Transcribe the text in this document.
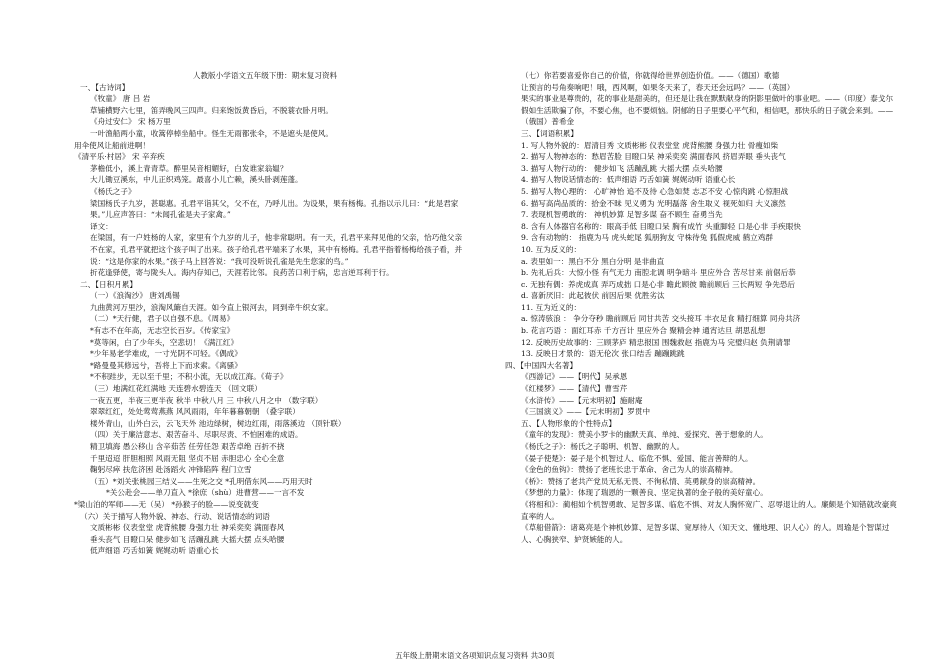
人教版小学语文五年级下册：期末复习资料
一、【古诗词】
《牧童》 唐 吕 岩
草铺横野六七里，笛弄晚风三四声。归来饱饭黄昏后，不脱蓑衣卧月明。
《舟过安仁》 宋 杨万里
一叶渔船两小童，收篙停棹坐船中。怪生无雨都张伞，不是遮头是使风。
用伞使风让船前进啊！
《清平乐·村居》 宋 辛弃疾
茅檐低小，溪上青青草。醉里吴音相媚好，白发谁家翁媪？
大儿锄豆溪东，中儿正织鸡笼。最喜小儿亡赖，溪头卧剥莲蓬。
《杨氏之子》
梁国杨氏子九岁，甚聪惠。孔君平诣其父，父不在，乃呼儿出。为设果，果有杨梅。孔指以示儿曰：“此是君家果。”儿应声答曰：“未闻孔雀是夫子家禽。”
译文：
在梁国，有一户姓杨的人家，家里有个九岁的儿子，他非常聪明。有一天，孔君平来拜见他的父亲，恰巧他父亲不在家，孔君平就把这个孩子叫了出来。孩子给孔君平端来了水果，其中有杨梅。孔君平指着杨梅给孩子看，并说：“这是你家的水果。”孩子马上回答说：“我可没听说孔雀是先生您家的鸟。”
折花逢驿使，寄与陇头人。海内存知己，天涯若比邻。良药苦口利于病，忠言逆耳利于行。
二、【日积月累】
（一）《浪淘沙》 唐刘禹锡
九曲黄河万里沙，浪淘风簸自天涯。如今直上银河去，同到牵牛织女家。
（二）*天行健，君子以自强不息。《周易》
*有志不在年高，无志空长百岁。《传家宝》
*莫等闲，白了少年头，空悲切！《满江红》
*少年易老学难成，一寸光阴不可轻。《偶成》
*路曼曼其修远兮，吾将上下而求索。《离骚》
*不积跬步，无以至千里；不积小流，无以成江海。《荀子》
（三）地满红花红满地 天连碧水碧连天 （回文联）
一夜五更，半夜三更半夜 秋半 中秋八月 三 中秋八月之中 （数字联）
翠翠红红，处处莺莺燕燕 风风雨雨，年年暮暮朝朝 （叠字联）
楼外青山，山外白云，云飞天外 池边绿树，树边红雨，雨落溪边 （顶针联）
（四）关于廉洁意志、艰苦奋斗、尽职尽责、不怕困难的成语。
精卫填海 愚公移山 含辛茹苦 任劳任怨 艰苦卓绝 百折不挠
千里迢迢 肝胆相照 风雨无阻 坚贞不屈 赤胆忠心 全心全意
鞠躬尽瘁 扶危济困 赴汤蹈火 冲锋陷阵 程门立雪
（五）*刘关张桃园三结义——生死之交 *孔明借东风——巧用天时
*关公赴会——单刀直入 *徐庶（shù）进曹营——一言不发
*梁山泊的军师——无（吴） *孙猴子的脸——说变就变
（六）关于描写人物外貌、神态、行动、说话情态的词语
文质彬彬 仪表堂堂 虎背熊腰 身强力壮 神采奕奕 满面春风
垂头丧气 目瞪口呆 健步如飞 活蹦乱跳 大摇大摆 点头哈腰
低声细语 巧舌如簧 娓娓动听 语重心长
（七）你若要喜爱你自己的价值，你就得给世界创造价值。——（德国）歌德
让预言的号角奏响吧！哦，西风啊，如果冬天来了，春天还会远吗？——（英国）
果实的事业是尊贵的，花的事业是甜美的，但还是让我在默默献身的阴影里做叶的事业吧。——（印度）泰戈尔
假如生活欺骗了你，不要心焦，也不要烦恼。阴郁的日子里要心平气和，相信吧，那快乐的日子就会来到。——（俄国）普希金
三、【词语积累】
1. 写人物外貌的：眉清目秀 文质彬彬 仪表堂堂 虎背熊腰 身强力壮 骨瘦如柴
2. 描写人物神态的：愁眉苦脸 目瞪口呆 神采奕奕 满面春风 挤眉弄眼 垂头丧气
3. 描写人物行动的： 健步如飞 活蹦乱跳 大摇大摆 点头哈腰
4. 描写人物说话情态的：低声细语 巧舌如簧 娓娓动听 语重心长
5. 描写人物心理的： 心旷神怡 追不及待 心急如焚 志忑不安 心惊肉跳 心惊胆战
6. 描写高尚品质的：拾金不昧 见义勇为 光明磊落 舍生取义 视死如归 大义凛然
7. 表现机智勇敢的： 神机妙算 足智多谋 奋不顾生 奋勇当先
8. 含有人体器官名称的：眼高手低 目瞪口呆 胸有成竹 头重脚轻 口是心非 手疾眼快
9. 含有动物的： 指鹿为马 虎头蛇尾 狐朋狗友 守株待兔 狐假虎威 鹤立鸡群
10. 互为反义的：
a. 表里如一：黑白不分 黑白分明 是非曲直
b. 先礼后兵：大惊小怪 有气无力 南腔北调 明争暗斗 里应外合 苦尽甘来 前倨后恭
c. 无独有偶：养虎成真 弄巧成拙 口是心非 瞻此顾彼 瞻前顾后 三长两短 争先恐后
d. 喜新厌旧：此起彼伏 前因后果 优胜劣汰
11. 互为近义的：
a. 惊涛骇浪 ： 争分夺秒 瞻前顾后 同甘共苦 交头接耳 丰衣足食 精打细算 同舟共济
b. 花言巧语 ：面红耳赤 千方百计 里应外合 聚精会神 通宵达旦 胡思乱想
12. 反映历史故事的：三顾茅庐 精忠报国 围魏救赵 指鹿为马 完璧归赵 负荆请罪
13. 反映日才景的：语无伦次 张口结舌 蹦蹦跳跳
四、【中国四大名著】
《西游记》——【明代】吴承恩
《红楼梦》——【清代】曹雪芹
《水浒传》——【元末明初】施耐庵
《三国演义》——【元末明初】罗贯中
五、【人物形象的个性特点】
《童年的发现》：赞美小罗卡的幽默天真、单纯、爱探究、善于想象的人。
《杨氏之子》：杨氏之子聪明、机智、幽默的人。
《晏子使楚》：晏子是个机智过人、临危不惧、爱国、能言善辩的人。
《金色的鱼钩》：赞扬了老班长忠于革命、舍己为人的崇高精神。
《桥》：赞扬了老共产党员无私无畏、不徇私情、英勇献身的崇高精神。
《梦想的力量》：体现了瑞恩的一颗善良、坚定执著的金子般的美好童心。
《将相和》：蔺相如个机智勇敢、足智多谋、临危不惧、对友人胸怀宽广、忍辱退让的人。廉颇是个知错就改豪爽直率的人。
《草船借箭》：诸葛亮是个神机妙算、足智多谋、宽厚待人（知天文、懂地理、识人心）的人。周瑜是个智谋过人、心胸狭窄、妒贤嫉能的人。
五年级上册期末语文各项知识点复习资料 共30页
